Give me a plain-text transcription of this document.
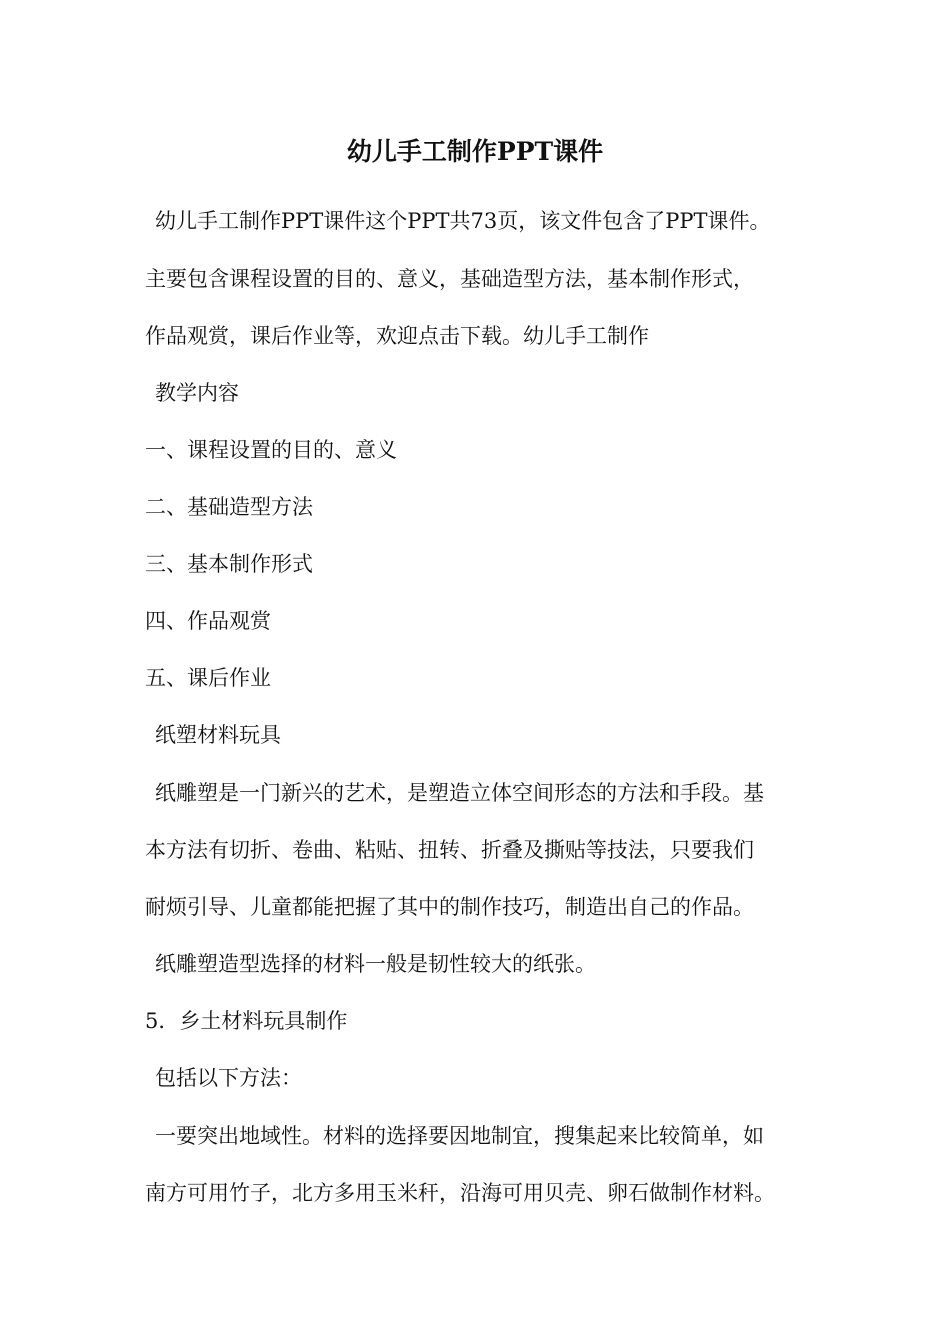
幼儿手工制作PPT课件

幼儿手工制作PPT课件这个PPT共73页，该文件包含了PPT课件。

主要包含课程设置的目的、意义，基础造型方法，基本制作形式，

作品观赏，课后作业等，欢迎点击下载。幼儿手工制作

教学内容

一、课程设置的目的、意义

二、基础造型方法

三、基本制作形式

四、作品观赏

五、课后作业

纸塑材料玩具

纸雕塑是一门新兴的艺术，是塑造立体空间形态的方法和手段。基

本方法有切折、卷曲、粘贴、扭转、折叠及撕贴等技法，只要我们

耐烦引导、儿童都能把握了其中的制作技巧，制造出自己的作品。

纸雕塑造型选择的材料一般是韧性较大的纸张。

5．乡土材料玩具制作

包括以下方法：

一要突出地域性。材料的选择要因地制宜，搜集起来比较简单，如

南方可用竹子，北方多用玉米秆，沿海可用贝壳、卵石做制作材料。
